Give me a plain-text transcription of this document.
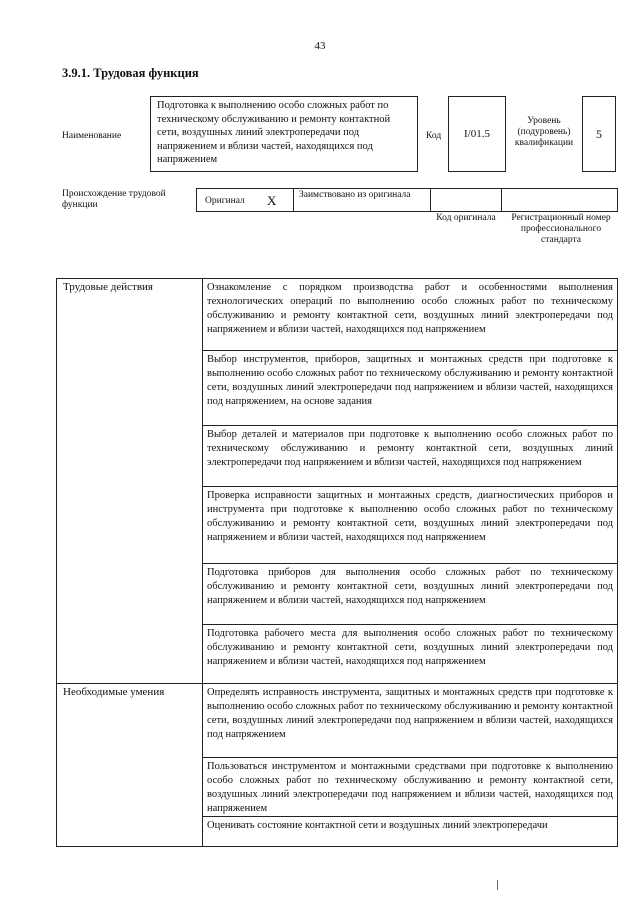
43
3.9.1. Трудовая функция
Наименование
Подготовка к выполнению особо сложных работ по техническому обслуживанию и ремонту контактной сети, воздушных линий электропередачи под напряжением и вблизи частей, находящихся под напряжением
Код I/01.5
Уровень (подуровень) квалификации
5
Происхождение трудовой функции	Оригинал X Заимствовано из оригинала
Код оригинала	Регистрационный номер профессионального стандарта
Трудовые действия	Ознакомление с порядком производства работ и особенностями выполнения технологических операций по выполнению особо сложных работ по техническому обслуживанию и ремонту контактной сети, воздушных линий электропередачи под напряжением и вблизи частей, находящихся под напряжением
Выбор инструментов, приборов, защитных и монтажных средств при подготовке к выполнению особо сложных работ по техническому обслуживанию и ремонту контактной сети, воздушных линий электропередачи под напряжением и вблизи частей, находящихся под напряжением, на основе задания
Выбор деталей и материалов при подготовке к выполнению особо сложных работ по техническому обслуживанию и ремонту контактной сети, воздушных линий электропередачи под напряжением и вблизи частей, находящихся под напряжением
Проверка исправности защитных и монтажных средств, диагностических приборов и инструмента при подготовке к выполнению особо сложных работ по техническому обслуживанию и ремонту контактной сети, воздушных линий электропередачи под напряжением и вблизи частей, находящихся под напряжением
Подготовка приборов для выполнения особо сложных работ по техническому обслуживанию и ремонту контактной сети, воздушных линий электропередачи под напряжением и вблизи частей, находящихся под напряжением
Подготовка рабочего места для выполнения особо сложных работ по техническому обслуживанию и ремонту контактной сети, воздушных линий электропередачи под напряжением и вблизи частей, находящихся под напряжением
Необходимые умения	Определять исправность инструмента, защитных и монтажных средств при подготовке к выполнению особо сложных работ по техническому обслуживанию и ремонту контактной сети, воздушных линий электропередачи под напряжением и вблизи частей, находящихся под напряжением
Пользоваться инструментом и монтажными средствами при подготовке к выполнению особо сложных работ по техническому обслуживанию и ремонту контактной сети, воздушных линий электропередачи под напряжением и вблизи частей, находящихся под напряжением
Оценивать состояние контактной сети и воздушных линий электропередачи
